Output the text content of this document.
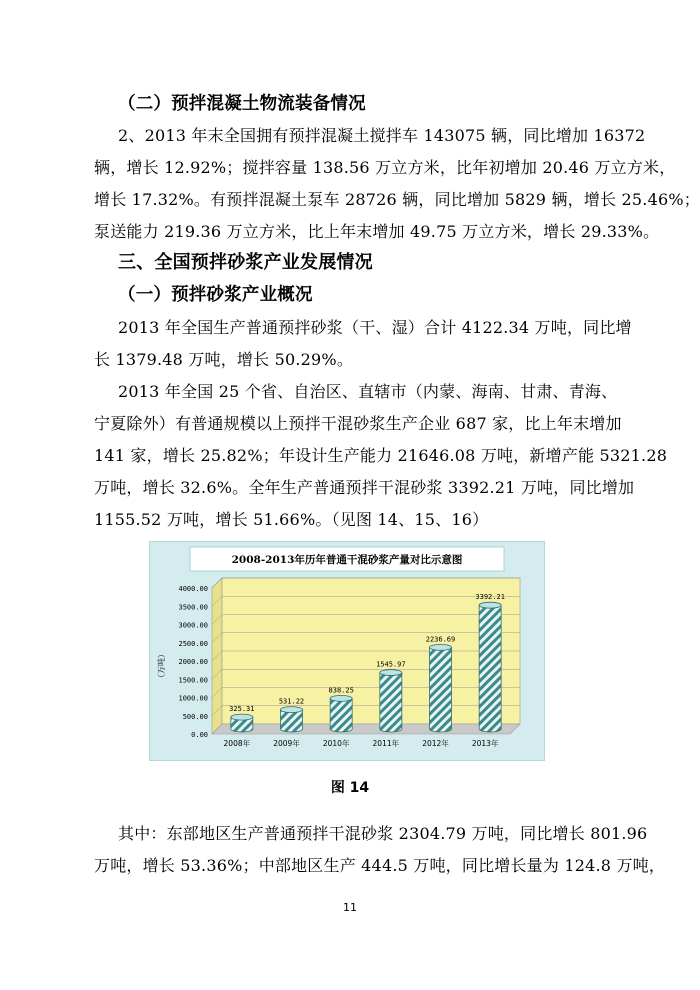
（二）预拌混凝土物流装备情况
2、2013 年末全国拥有预拌混凝土搅拌车 143075 辆，同比增加 16372
辆，增长 12.92%；搅拌容量 138.56 万立方米，比年初增加 20.46 万立方米，
增长 17.32%。有预拌混凝土泵车 28726 辆，同比增加 5829 辆，增长 25.46%；
泵送能力 219.36 万立方米，比上年末增加 49.75 万立方米，增长 29.33%。
三、全国预拌砂浆产业发展情况
（一）预拌砂浆产业概况
2013 年全国生产普通预拌砂浆（干、湿）合计 4122.34 万吨，同比增
长 1379.48 万吨，增长 50.29%。
2013 年全国 25 个省、自治区、直辖市（内蒙、海南、甘肃、青海、
宁夏除外）有普通规模以上预拌干混砂浆生产企业 687 家，比上年末增加
141 家，增长 25.82%；年设计生产能力 21646.08 万吨，新增产能 5321.28
万吨，增长 32.6%。全年生产普通预拌干混砂浆 3392.21 万吨，同比增加
1155.52 万吨，增长 51.66%。（见图 14、15、16）
2008-2013年历年普通干混砂浆产量对比示意图
（万吨）
0.00
500.00
1000.00
1500.00
2000.00
2500.00
3000.00
3500.00
4000.00
325.31
2008年
531.22
2009年
838.25
2010年
1545.97
2011年
2236.69
2012年
3392.21
2013年
图 14
其中：东部地区生产普通预拌干混砂浆 2304.79 万吨，同比增长 801.96
万吨，增长 53.36%；中部地区生产 444.5 万吨，同比增长量为 124.8 万吨，
11
